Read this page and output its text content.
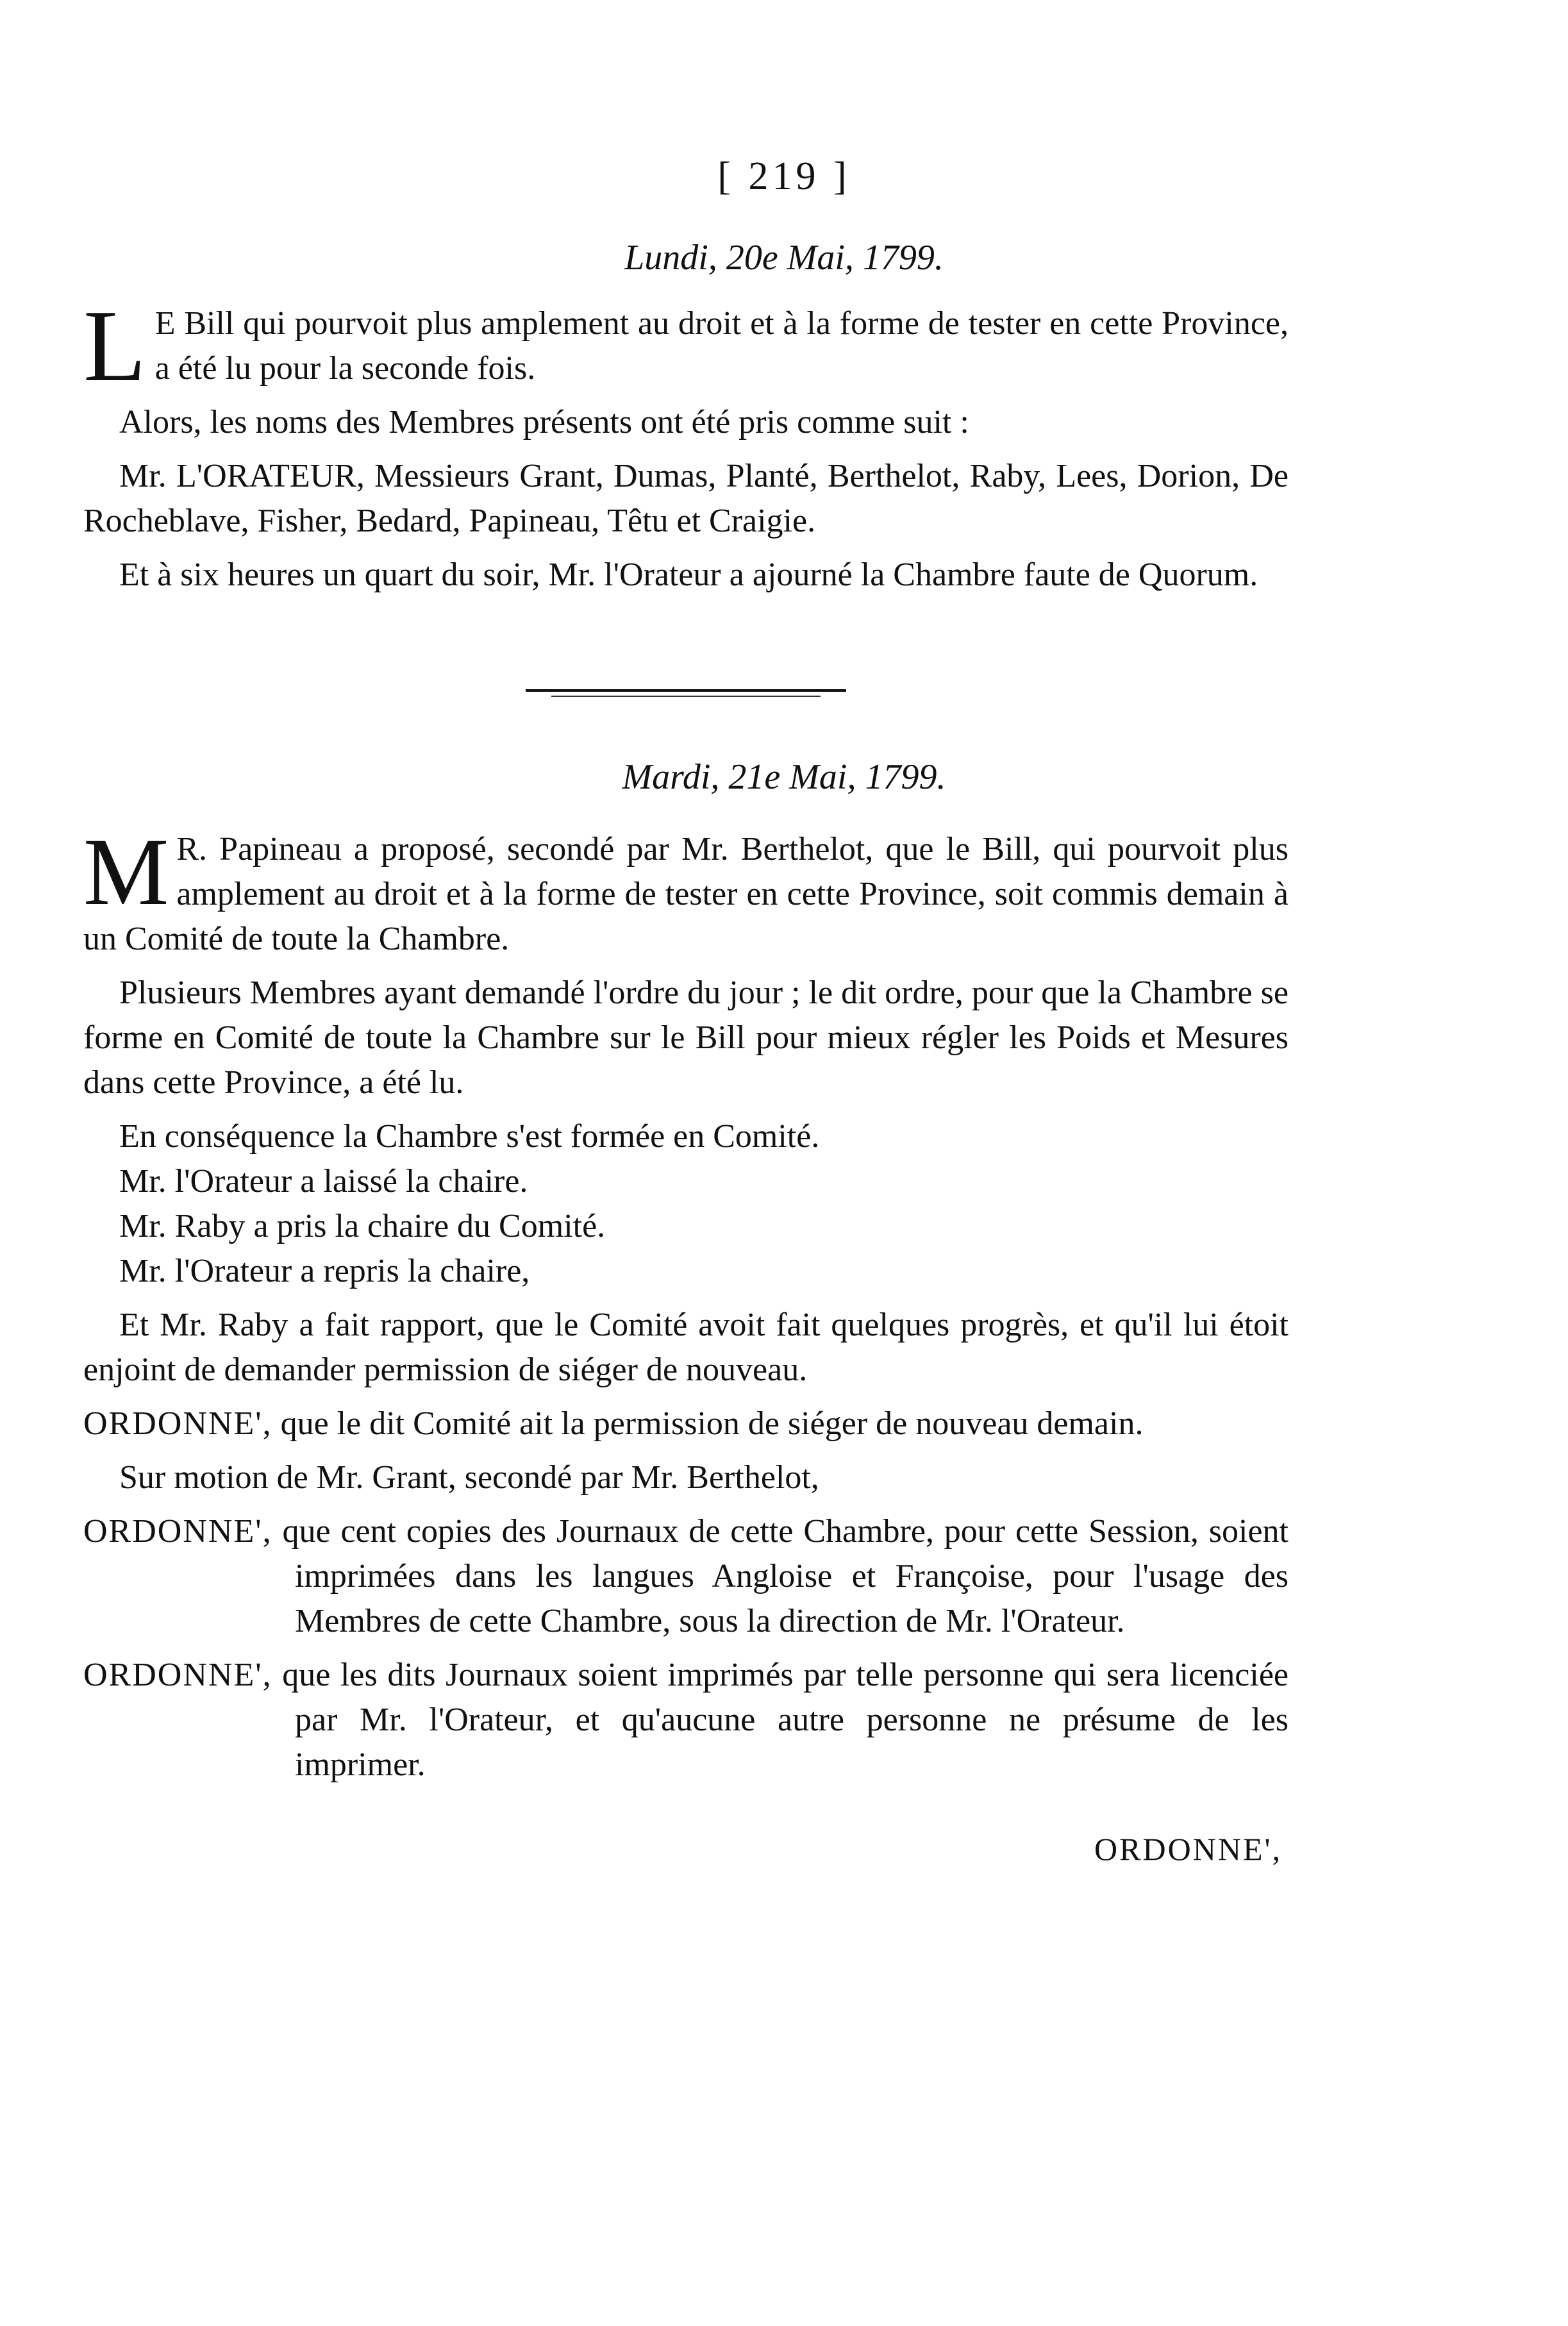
[ 219 ]
Lundi, 20e Mai, 1799.

L E Bill qui pourvoit plus amplement au droit et à la forme de tester en cette Province, a été lu pour la seconde fois.

Alors, les noms des Membres présents ont été pris comme suit :

Mr. L'ORATEUR, Messieurs Grant, Dumas, Planté, Berthelot, Raby, Lees, Dorion, De Rocheblave, Fisher, Bedard, Papineau, Têtu et Craigie.

Et à six heures un quart du soir, Mr. l'Orateur a ajourné la Chambre faute de Quorum.

Mardi, 21e Mai, 1799.

M R. Papineau a proposé, secondé par Mr. Berthelot, que le Bill, qui pourvoit plus amplement au droit et à la forme de tester en cette Province, soit commis demain à un Comité de toute la Chambre.

Plusieurs Membres ayant demandé l'ordre du jour ; le dit ordre, pour que la Chambre se forme en Comité de toute la Chambre sur le Bill pour mieux régler les Poids et Mesures dans cette Province, a été lu.

En conséquence la Chambre s'est formée en Comité.

Mr. l'Orateur a laissé la chaire.

Mr. Raby a pris la chaire du Comité.

Mr. l'Orateur a repris la chaire,

Et Mr. Raby a fait rapport, que le Comité avoit fait quelques progrès, et qu'il lui étoit enjoint de demander permission de siéger de nouveau.

ORDONNE', que le dit Comité ait la permission de siéger de nouveau demain.

Sur motion de Mr. Grant, secondé par Mr. Berthelot,

ORDONNE', que cent copies des Journaux de cette Chambre, pour cette Session, soient imprimées dans les langues Angloise et Françoise, pour l'usage des Membres de cette Chambre, sous la direction de Mr. l'Orateur.

ORDONNE', que les dits Journaux soient imprimés par telle personne qui sera licenciée par Mr. l'Orateur, et qu'aucune autre personne ne présume de les imprimer.

ORDONNE',
